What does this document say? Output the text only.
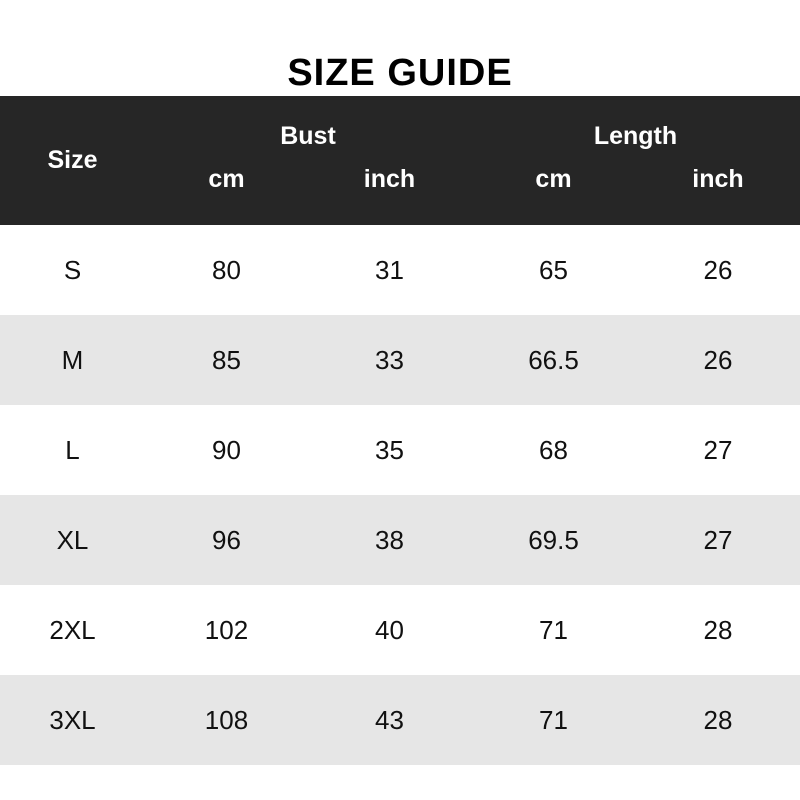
SIZE GUIDE
Size	Bust		Length	
	cm	inch	cm	inch
S	80	31	65	26
M	85	33	66.5	26
L	90	35	68	27
XL	96	38	69.5	27
2XL	102	40	71	28
3XL	108	43	71	28
